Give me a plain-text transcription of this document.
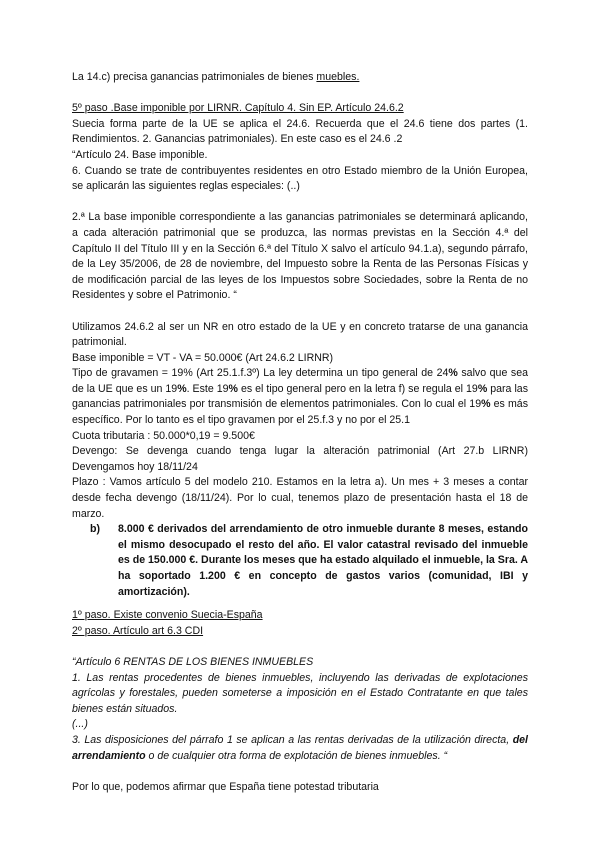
La 14.c) precisa ganancias patrimoniales de bienes muebles.

5º paso .Base imponible por LIRNR. Capítulo 4. Sin EP. Artículo 24.6.2

Suecia forma parte de la UE se aplica el 24.6. Recuerda que el 24.6 tiene dos partes (1. Rendimientos. 2. Ganancias patrimoniales). En este caso es el 24.6 .2

“Artículo 24. Base imponible.

6. Cuando se trate de contribuyentes residentes en otro Estado miembro de la Unión Europea, se aplicarán las siguientes reglas especiales: (..)

2.ª La base imponible correspondiente a las ganancias patrimoniales se determinará aplicando, a cada alteración patrimonial que se produzca, las normas previstas en la Sección 4.ª del Capítulo II del Título III y en la Sección 6.ª del Título X salvo el artículo 94.1.a), segundo párrafo, de la Ley 35/2006, de 28 de noviembre, del Impuesto sobre la Renta de las Personas Físicas y de modificación parcial de las leyes de los Impuestos sobre Sociedades, sobre la Renta de no Residentes y sobre el Patrimonio. “

Utilizamos 24.6.2 al ser un NR en otro estado de la UE y en concreto tratarse de una ganancia patrimonial.

Base imponible = VT - VA = 50.000€ (Art 24.6.2 LIRNR)

Tipo de gravamen = 19% (Art 25.1.f.3º) La ley determina un tipo general de 24% salvo que sea de la UE que es un 19%. Este 19% es el tipo general pero en la letra f) se regula el 19% para las ganancias patrimoniales por transmisión de elementos patrimoniales. Con lo cual el 19% es más específico. Por lo tanto es el tipo gravamen por el 25.f.3 y no por el 25.1

Cuota tributaria : 50.000*0,19 = 9.500€

Devengo: Se devenga cuando tenga lugar la alteración patrimonial (Art 27.b LIRNR) Devengamos hoy 18/11/24

Plazo : Vamos artículo 5 del modelo 210. Estamos en la letra a). Un mes + 3 meses a contar desde fecha devengo (18/11/24). Por lo cual, tenemos plazo de presentación hasta el 18 de marzo.

b)	8.000 € derivados del arrendamiento de otro inmueble durante 8 meses, estando el mismo desocupado el resto del año. El valor catastral revisado del inmueble es de 150.000 €. Durante los meses que ha estado alquilado el inmueble, la Sra. A ha soportado 1.200 € en concepto de gastos varios (comunidad, IBI y amortización).

1º paso. Existe convenio Suecia-España

2º paso. Artículo art 6.3 CDI

“Artículo 6 RENTAS DE LOS BIENES INMUEBLES

1. Las rentas procedentes de bienes inmuebles, incluyendo las derivadas de explotaciones agrícolas y forestales, pueden someterse a imposición en el Estado Contratante en que tales bienes están situados.

(...)

3. Las disposiciones del párrafo 1 se aplican a las rentas derivadas de la utilización directa, del arrendamiento o de cualquier otra forma de explotación de bienes inmuebles. “

Por lo que, podemos afirmar que España tiene potestad tributaria
